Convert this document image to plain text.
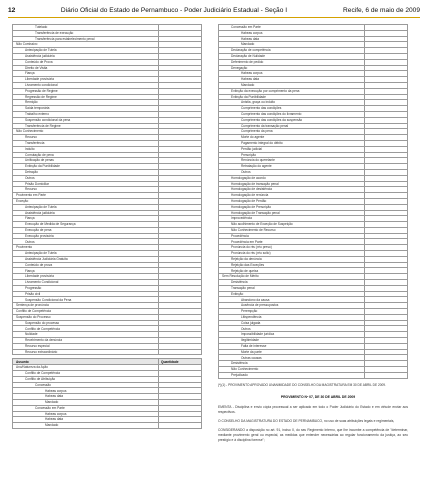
12	Diário Oficial do Estado de Pernambuco - Poder Judiciário Estadual - Seção I	Recife, 6 de maio de 2009
Tutelado	
Transferência de execução	
Transferência para estabelecimento penal	
Não Comissivo	
Antecipação de Tutela	
Assistência judiciária	
Conteúdo de Prova	
Direito de Visita	
Fiança	
Liberdade provisória	
Livramento condicional	
Progressão de Regime	
Regressão de Regime	
Remição	
Saída temporária	
Trabalho externo	
Suspensão condicional da pena	
Transferência de Regime	
Não Conhecimento	
Recurso	
Transferência	
Indulto	
Comutação de pena	
Unificação de penas	
Extinção da Punibilidade	
Detração	
Outros	
Prisão Domiciliar	
Recurso	
Provimento em Parte	
Exceção	
Antecipação de Tutela	
Assistência judiciária	
Fiança	
Execução de Medida de Segurança	
Execução de pena	
Execução provisória	
Outros	
Provimento	
Antecipação de Tutela	
Assistência Judiciária Gratuita	
Conteúdo de prova	
Fiança	
Liberdade provisória	
Livramento Condicional	
Progressão	
Prisão civil	
Suspensão Condicional da Pena	
Sentença de pronúncia	
Conflito de Competência	
Suspensão do Processo	
Suspensão do processo	
Conflito de Competência	
Nulidade	
Recebimento da denúncia	
Recurso especial	
Recurso extraordinário	
Assunto	Quantidade
Ano/Natureza da Ação	
Conflito de Competência	
Conflito de Atribuição	
Concessão	
Habeas corpus	
Habeas data	
Mandado	
Concessão em Parte	
Habeas corpus	
Habeas data	
Mandado	
Concessão em Parte	
Habeas corpus	
Habeas data	
Mandado	
Declaração de competência	
Declaração de Nulidade	
Deferimento de pedido	
Denegação	
Habeas corpus	
Habeas data	
Mandado	
Extinção da execução por cumprimento da pena	
Extinção da Punibilidade	
Anistia, graça ou indulto	
Cumprimento das condições	
Cumprimento das condições do livramento	
Cumprimento das condições da suspensão	
Cumprimento da transação penal	
Cumprimento da pena	
Morte do agente	
Pagamento integral do débito	
Perdão judicial	
Prescrição	
Renúncia do querelante	
Retratação do agente	
Outros	
Homologação de acordo	
Homologação de transação penal	
Homologação de desistência	
Homologação de renúncia	
Homologação de Perdão	
Homologação de Prescrição	
Homologação de Transação penal	
Improcedência	
Não acolhimento de Exceção de Suspeição	
Não Conhecimento de Recurso	
Procedência	
Procedência em Parte	
Pronúncia do réu (réu preso)	
Pronúncia do réu (réu solto)	
Rejeição da denúncia	
Rejeição das Exceções	
Rejeição de queixa	
Sem Resolução de Mérito	
Desistência	
Transação penal	
Extinção	
Abandono da causa	
Ausência de pressupostos	
Perempção	
Litispendência	
Coisa julgada	
Outros	
Impossibilidade jurídica	
Ilegitimidade	
Falta de interesse	
Morte da parte	
Outras causas	
Desistência	
Não Conhecimento	
Prejudicado	
(*)(1) - PROVIMENTO APROVADO UNANIMIDADE DO CONSELHO DA MAGISTRATURA EM 30 DE ABRIL DE 2009.
PROVIMENTO Nº 07, DE 30 DE ABRIL DE 2009

EMENTA - Disciplina e envio cópia processual a ser aplicado em todo o Poder Judiciário do Estado e em virtude enviar aos respectivos.

O CONSELHO DA MAGISTRATURA DO ESTADO DE PERNAMBUCO, no uso de suas atribuições legais e regimentais,

CONSIDERANDO a disposição no art. 91, inciso X, do seu Regimento Interno, que lhe incumbe a competência de "determinar, mediante provimento geral ou especial, as medidas que entender necessárias ao regular funcionamento da justiça, ao seu prestígio e à disciplina forense";
